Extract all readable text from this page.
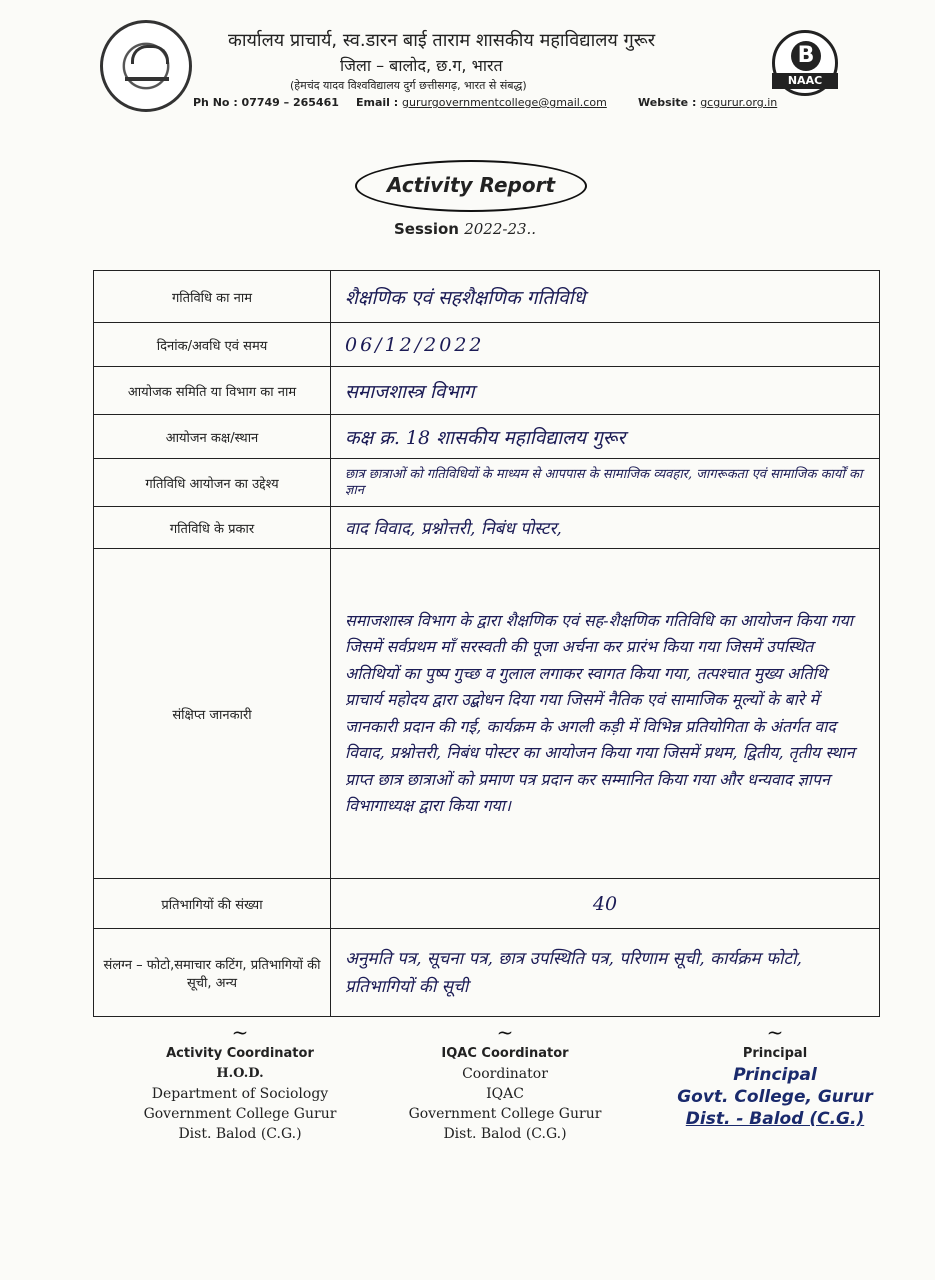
कार्यालय प्राचार्य, स्व.डारन बाई ताराम शासकीय महाविद्यालय गुरूर
जिला – बालोद, छ.ग, भारत
(हेमचंद यादव विश्वविद्यालय दुर्ग छत्तीसगढ़, भारत से संबद्ध)
Ph No : 07749 – 265461 Email : gururgovernmentcollege@gmail.com	Website : gcgurur.org.in
B
NAAC
Activity Report
Session 2022-23..
गतिविधि का नाम	शैक्षणिक एवं सहशैक्षणिक गतिविधि
दिनांक/अवधि एवं समय	06/12/2022
आयोजक समिति या विभाग का नाम	समाजशास्त्र विभाग
आयोजन कक्ष/स्थान	कक्ष क्र. 18 शासकीय महाविद्यालय गुरूर
गतिविधि आयोजन का उद्देश्य	छात्र छात्राओं को गतिविधियों के माध्यम से आपपास के सामाजिक व्यवहार, जागरूकता एवं सामाजिक कार्यों का ज्ञान
गतिविधि के प्रकार	वाद विवाद, प्रश्नोत्तरी, निबंध पोस्टर,
संक्षिप्त जानकारी	समाजशास्त्र विभाग के द्वारा शैक्षणिक एवं सह-शैक्षणिक गतिविधि का आयोजन किया गया जिसमें सर्वप्रथम माँ सरस्वती की पूजा अर्चना कर प्रारंभ किया गया जिसमें उपस्थित अतिथियों का पुष्प गुच्छ व गुलाल लगाकर स्वागत किया गया, तत्पश्चात मुख्य अतिथि प्राचार्य महोदय द्वारा उद्बोधन दिया गया जिसमें नैतिक एवं सामाजिक मूल्यों के बारे में जानकारी प्रदान की गई, कार्यक्रम के अगली कड़ी में विभिन्न प्रतियोगिता के अंतर्गत वाद विवाद, प्रश्नोत्तरी, निबंध पोस्टर का आयोजन किया गया जिसमें प्रथम, द्वितीय, तृतीय स्थान प्राप्त छात्र छात्राओं को प्रमाण पत्र प्रदान कर सम्मानित किया गया और धन्यवाद ज्ञापन विभागाध्यक्ष द्वारा किया गया।
प्रतिभागियों की संख्या	40
संलग्न – फोटो,समाचार कटिंग, प्रतिभागियों की सूची, अन्य	अनुमति पत्र, सूचना पत्र, छात्र उपस्थिति पत्र, परिणाम सूची, कार्यक्रम फोटो, प्रतिभागियों की सूची
~
Activity Coordinator
H.O.D.
Department of Sociology
Government College Gurur
Dist. Balod (C.G.)
~
IQAC Coordinator
Coordinator
IQAC
Government College Gurur
Dist. Balod (C.G.)
~
Principal
Principal
Govt. College, Gurur
Dist. - Balod (C.G.)
